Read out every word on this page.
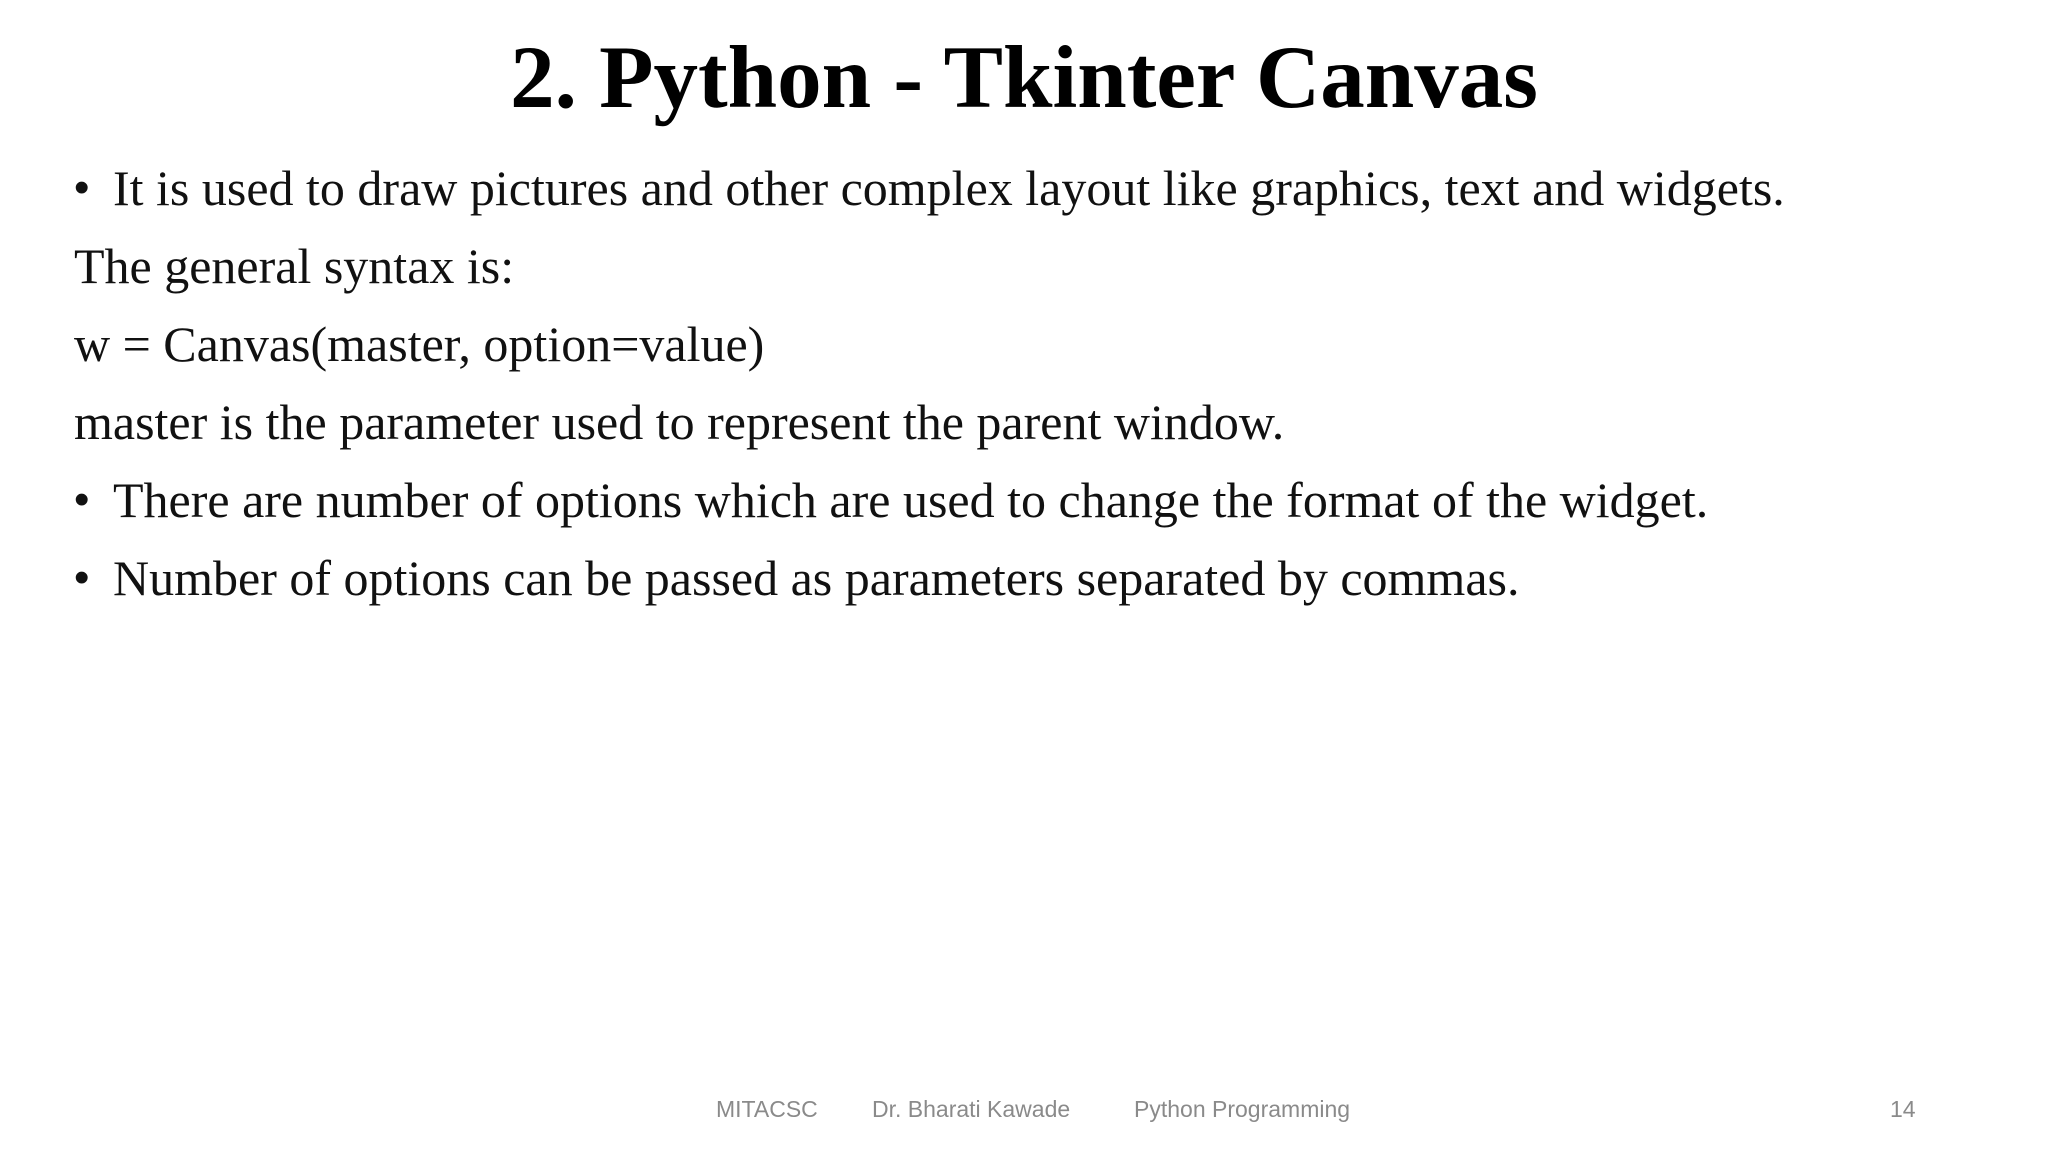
2. Python - Tkinter Canvas
• It is used to draw pictures and other complex layout like graphics, text and widgets.
The general syntax is:
w = Canvas(master, option=value)
master is the parameter used to represent the parent window.
• There are number of options which are used to change the format of the widget.
• Number of options can be passed as parameters separated by commas.
MITACSC Dr. Bharati Kawade	Python Programming	14
